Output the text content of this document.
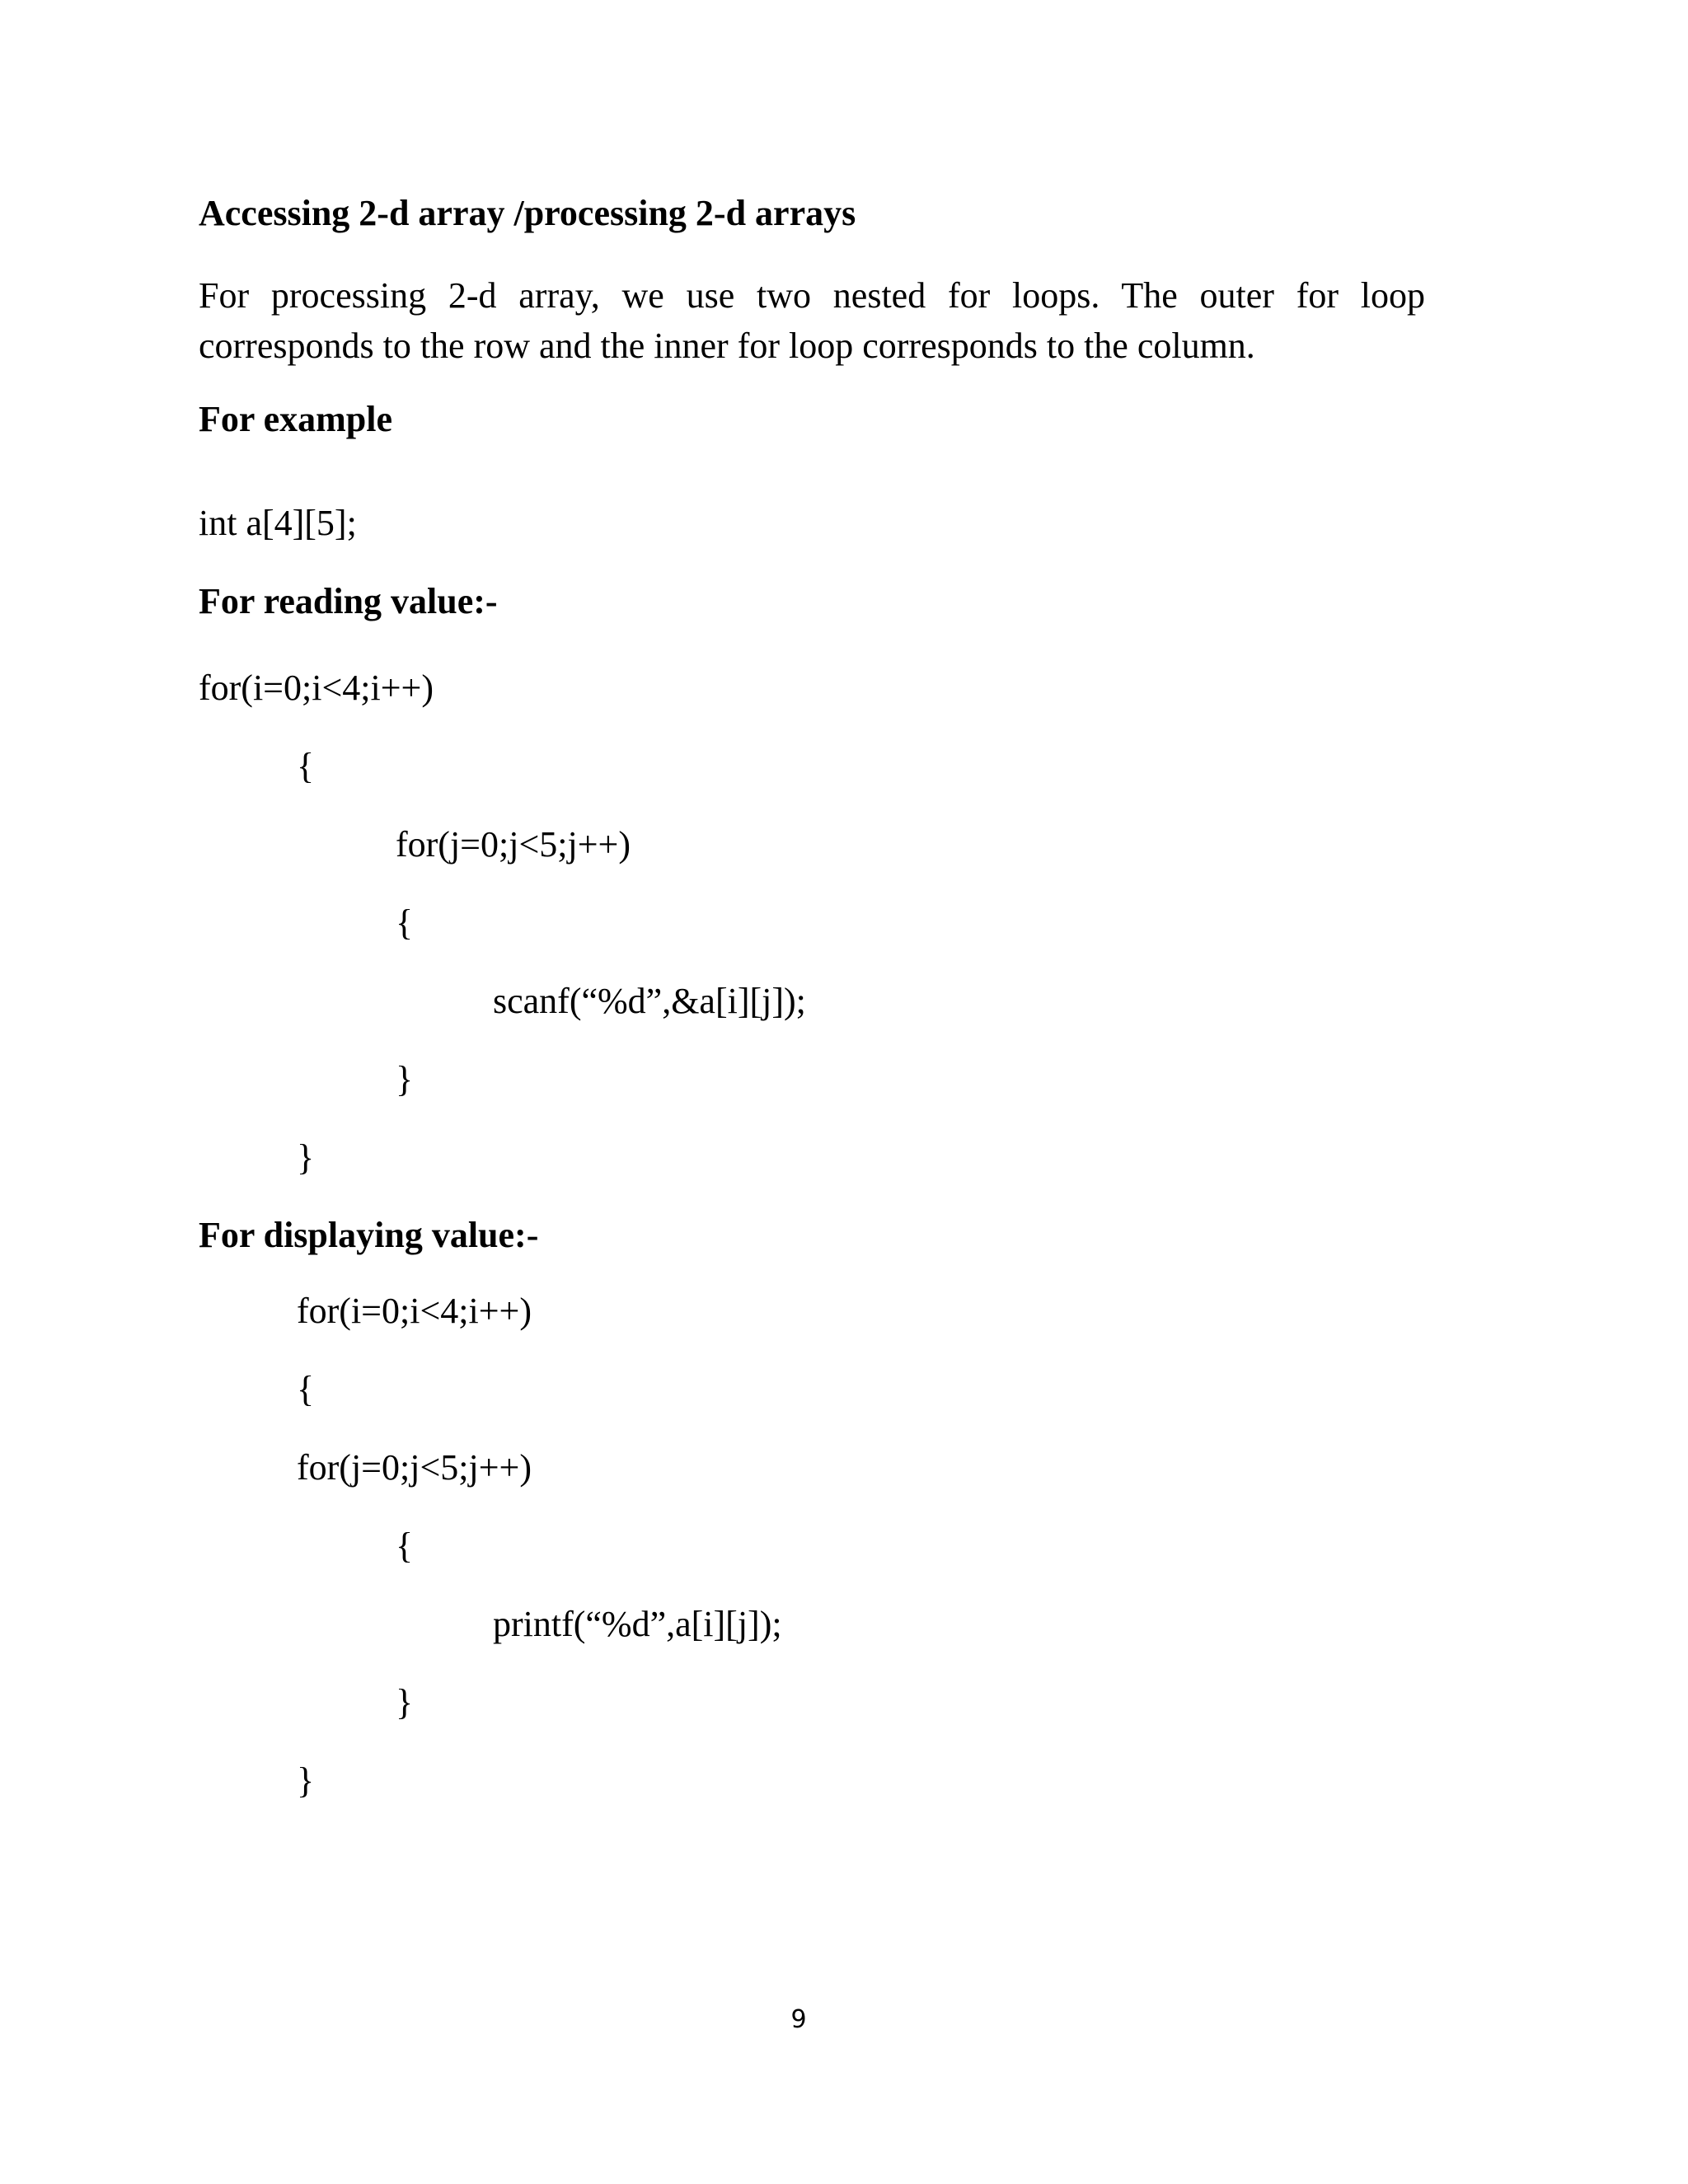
Accessing 2-d array /processing 2-d arrays
For processing 2-d array, we use two nested for loops. The outer for loop corresponds to the row and the inner for loop corresponds to the column.
For example
int a[4][5];
For reading value:-
for(i=0;i<4;i++)
{
for(j=0;j<5;j++)
{
scanf(“%d”,&a[i][j]);
}
}
For displaying value:-
for(i=0;i<4;i++)
{
for(j=0;j<5;j++)
{
printf(“%d”,a[i][j]);
}
}
9
